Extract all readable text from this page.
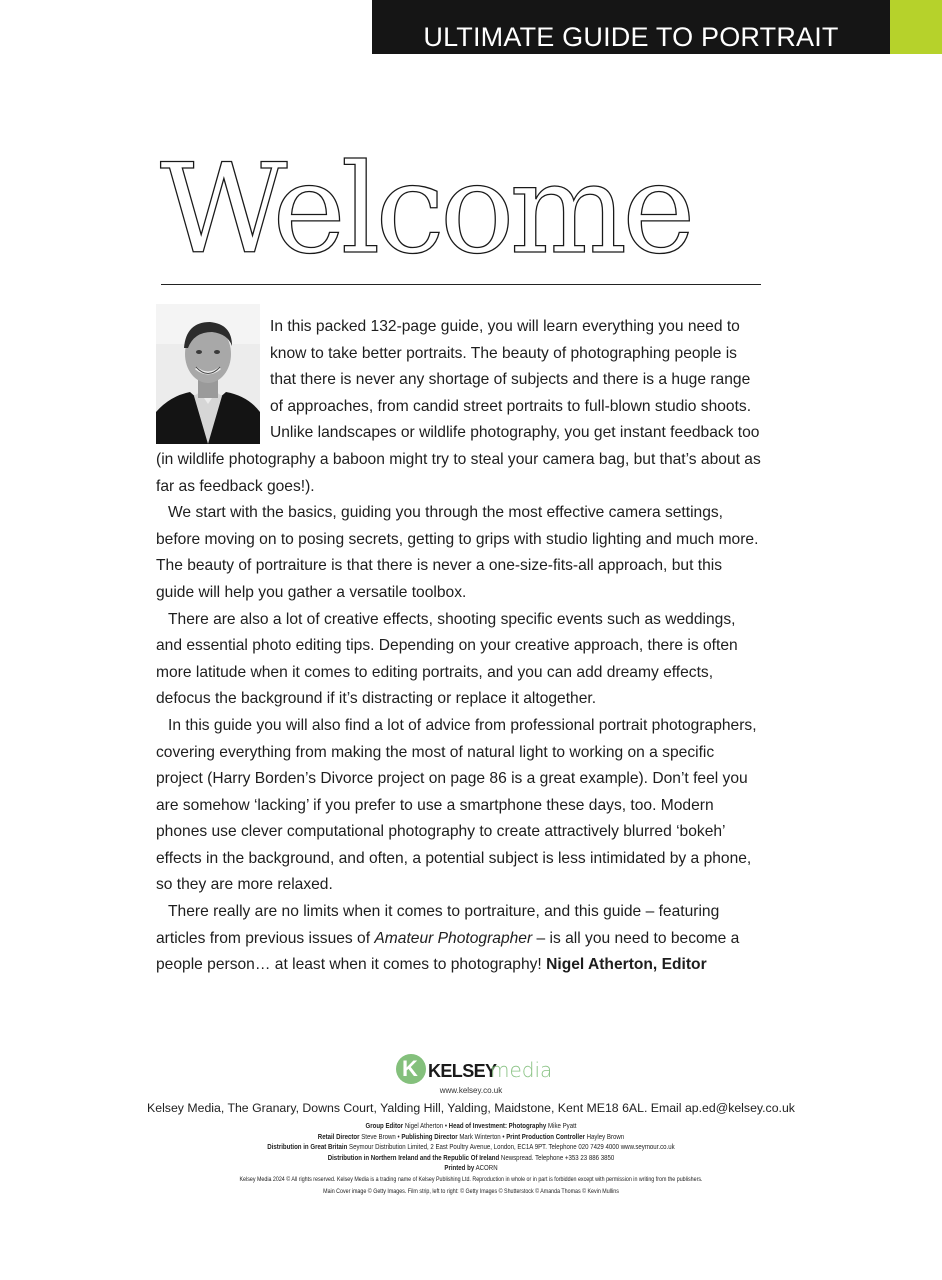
ULTIMATE GUIDE TO PORTRAIT PHOTOGRAPHY
Welcome

In this packed 132-page guide, you will learn everything you need to know to take better portraits. The beauty of photographing people is that there is never any shortage of subjects and there is a huge range of approaches, from candid street portraits to full-blown studio shoots. Unlike landscapes or wildlife photography, you get instant feedback too (in wildlife photography a baboon might try to steal your camera bag, but that’s about as far as feedback goes!).

We start with the basics, guiding you through the most effective camera settings, before moving on to posing secrets, getting to grips with studio lighting and much more. The beauty of portraiture is that there is never a one-size-fits-all approach, but this guide will help you gather a versatile toolbox.

There are also a lot of creative effects, shooting specific events such as weddings, and essential photo editing tips. Depending on your creative approach, there is often more latitude when it comes to editing portraits, and you can add dreamy effects, defocus the background if it’s distracting or replace it altogether.

In this guide you will also find a lot of advice from professional portrait photographers, covering everything from making the most of natural light to working on a specific project (Harry Borden’s Divorce project on page 86 is a great example). Don’t feel you are somehow ‘lacking’ if you prefer to use a smartphone these days, too. Modern phones use clever computational photography to create attractively blurred ‘bokeh’ effects in the background, and often, a potential subject is less intimidated by a phone, so they are more relaxed.

There really are no limits when it comes to portraiture, and this guide – featuring articles from previous issues of Amateur Photographer – is all you need to become a people person… at least when it comes to photography! Nigel Atherton, Editor

K KELSEY
media
www.kelsey.co.uk
Kelsey Media, The Granary, Downs Court, Yalding Hill, Yalding, Maidstone, Kent ME18 6AL. Email ap.ed@kelsey.co.uk
Group Editor Nigel Atherton • Head of Investment: Photography Mike Pyatt
Retail Director Steve Brown • Publishing Director Mark Winterton • Print Production Controller Hayley Brown
Distribution in Great Britain Seymour Distribution Limited, 2 East Poultry Avenue, London, EC1A 9PT. Telephone 020 7429 4000 www.seymour.co.uk
Distribution in Northern Ireland and the Republic Of Ireland Newspread. Telephone +353 23 886 3850
Printed by ACORN
Kelsey Media 2024 © All rights reserved. Kelsey Media is a trading name of Kelsey Publishing Ltd. Reproduction in whole or in part is forbidden except with permission in writing from the publishers.
Main Cover image © Getty Images. Film strip, left to right: © Getty Images © Shutterstock © Amanda Thomas © Kevin Mullins
